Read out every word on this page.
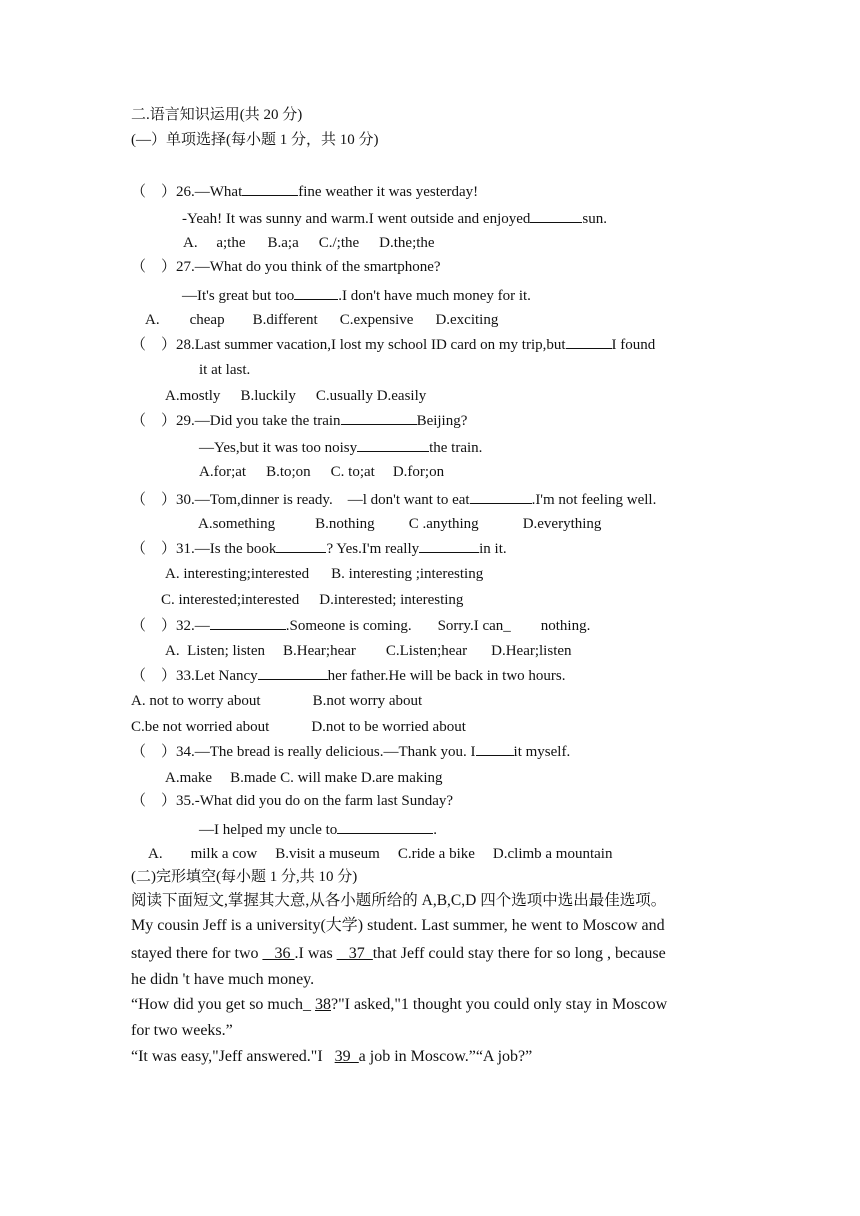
二.语言知识运用(共 20 分)
(—）单项选择(每小题 1 分，共 10 分)
（　）26.—What	fine weather it was yesterday!
-Yeah! It was sunny and warm.I went outside and enjoyed	sun.
A.　 a;the B.a;a C./;the D.the;the
（　）27.—What do you think of the smartphone?
—It's great but too	.I don't have much money for it.
A. cheap B.different C.expensive D.exciting
（　）28.Last summer vacation,I lost my school ID card on my trip,but	I found
it at last.
A.mostly B.luckily C.usually D.easily
（　）29.—Did you take the train	Beijing?
—Yes,but it was too noisy	the train.
A.for;at B.to;on C. to;at D.for;on
（　）30.—Tom,dinner is ready.　—l don't want to eat	.I'm not feeling well.
A.something	B.nothing C .anything	D.everything
（　）31.—Is the book	? Yes.I'm really	in it.
A. interesting;interested B. interesting ;interesting
C. interested;interested D.interested; interesting
（　）32.—	.Someone is coming. Sorry.I can_ nothing.
A.  Listen; listen B.Hear;hear C.Listen;hear D.Hear;listen
（　）33.Let Nancy	her father.He will be back in two hours.
A. not to worry about	B.not worry about
C.be not worried about	D.not to be worried about
（　）34.—The bread is really delicious.—Thank you. I	it myself.
A.make B.made C. will make D.are making
（　）35.-What did you do on the farm last Sunday?
—I helped my uncle to	.
A. milk a cow B.visit a museum C.ride a bike D.climb a mountain
(二)完形填空(每小题 1 分,共 10 分)
阅读下面短文,掌握其大意,从各小题所给的 A,B,C,D 四个选项中选出最佳选项。
My cousin Jeff is a university(大学) student. Last summer, he went to Moscow and
stayed there for two _ 36 .I was _ 37_that Jeff could stay there for so long , because
he didn 't have much money.
“How did you get so much_ 38?"I asked,"1 thought you could only stay in Moscow
for two weeks.”
“It was easy,"Jeff answered."I   39_a job in Moscow.”“A job?”
